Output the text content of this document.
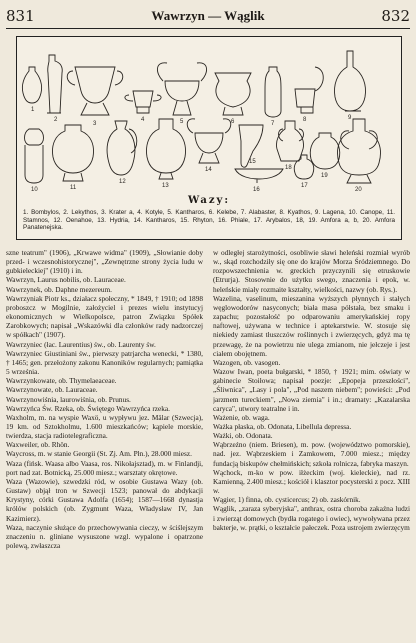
831	Wawrzyn — Wąglik	832
1
2
3
4	5	6	7
8	9
10	11
12
13
14
15
16
17
18
19
20
Wazy:
1. Bombylos, 2. Lekythos, 3. Krater a, 4. Kotyle, 5. Kantharos, 6. Kelebe, 7. Alabaster, 8. Kyathos, 9. Lagena, 10. Canope, 11. Stamnos, 12. Oenahoe, 13. Hydria, 14. Kantharos, 15. Rhyton, 16. Phiale, 17. Arybalos, 18, 19. Amfora a, b, 20. Amfora Panatenejska.

szne teatrum" (1906), „Krwawe widma" (1909), „Słowianie doby przed- i wczesnohistorycznej", „Zewnętrzne strony życia ludu w gubkieleckiej" (1910) i in.

Wawrzyn, Laurus nobilis, ob. Lauraceae.

Wawrzynek, ob. Daphne mezereum.

Wawrzyniak Piotr ks., działacz społeczny, * 1849, † 1910; od 1898 proboszcz w Mogilnie, założyciel i prezes wielu instytucyj ekonomicznych w Wielkopolsce, patron Związku Spółek Zarobkowych; napisał „Wskazówki dla członków rady nadzorczej w spółkach" (1907).

Wawrzyniec (łac. Laurentius) św., ob. Laurenty św.

Wawrzyniec Giustiniani św., pierwszy patrjarcha wenecki, * 1380, † 1465; gen. przełożony zakonu Kanoników regularnych; pamiątka 5 września.

Wawrzynkowate, ob. Thymelaeaceae.

Wawrzynowate, ob. Lauraceae.

Wawrzynowiśnia, laurowiśnia, ob. Prunus.

Wawrzyńca Św. Rzeka, ob. Świętego Wawrzyńca rzeka.

Waxholm, m. na wyspie Waxö, u wypływu jez. Mälar (Szwecja), 19 km. od Sztokholmu, 1.600 mieszkańców; kąpiele morskie, twierdza, stacja radiotelegraficzna.

Waxweiler, ob. Rhön.

Waycross, m. w stanie Georgii (St. Zj. Am. Płn.), 28.000 miesz.

Waza (fińsk. Waasa albo Vaasa, ros. Nikołajsztad), m. w Finlandji, port nad zat. Botnicką, 25.000 miesz.; warsztaty okrętowe.

Waza (Wazowie), szwedzki ród, w osobie Gustawa Wazy (ob. Gustaw) objął tron w Szwecji 1523; panował do abdykacji Krystyny, córki Gustawa Adolfa (1654); 1587—1668 dynastja królów polskich (ob. Zygmunt Waza, Władysław IV, Jan Kazimierz).

Waza, naczynie służące do przechowywania cieczy, w ściślejszym znaczeniu n. gliniane wysuszone wzgl. wypalone i opatrzone polewą, zwłaszcza

w odległej starożytności, osobliwie sławi heleński rozmiał wyrób w., skąd rozchodziły się one do krajów Morza Śródziemnego. Do rozpowszechnienia w. greckich przyczynili się etruskowie (Etrurja). Stosownie do użytku swego, znaczenia i epok, w. heleńskie miały rozmaite kształty, wielkości, nazwy (ob. Rys.).

Wazelina, vaselinum, mieszanina wyższych płynnych i stałych węglowodorów nasyconych; biała masa półstała, bez smaku i zapachu; pozostałość po odparowaniu amerykańskiej ropy naftowej, używana w technice i aptekarstwie. W. stosuje się niekiedy zamiast tłuszczów roślinnych i zwierzęcych, gdyż ma tę przewagę, że na powietrzu nie ulega zmianom, nie jełczeje i jest ciałem obojętnem.

Wazogen, ob. vasogen.

Wazow Iwan, poeta bułgarski, * 1850, † 1921; mim. oświaty w gabinecie Stoiłowa; napisał poezje: „Epopeja przeszłości", „Śliwnica", „Lasy i pola", „Pod naszem niebem"; powieści: „Pod jarzmem tureckiem", „Nowa ziemia" i in.; dramaty: „Kazalarska caryca", utwory teatralne i in.

Ważenie, ob. waga.

Ważka płaska, ob. Odonata, Libellula depressa.

Ważki, ob. Odonata.

Wąbrzeźno (niem. Briesen), m. pow. (województwo pomorskie), nad. jez. Wąbrzeskiem i Zamkowem, 7.000 miesz.; między fundacją biskupów chełmińskich; szkoła rolnicza, fabryka maszyn.

Wąchock, m-ko w pow. iłżeckim (woj. kieleckie), nad rz. Kamienną, 2.400 miesz.; kościół i klasztor pocysterski z pocz. XIII w.

Wągier, 1) finna, ob. cysticercus; 2) ob. zaskórnik.

Wąglik, „zaraza syberyjska", anthrax, ostra choroba zakaźna ludzi i zwierząt domowych (bydła rogatego i owiec), wywoływana przez bakterje, w. prątki, o kształcie pałeczek. Poza ustrojem zwierzęcym
